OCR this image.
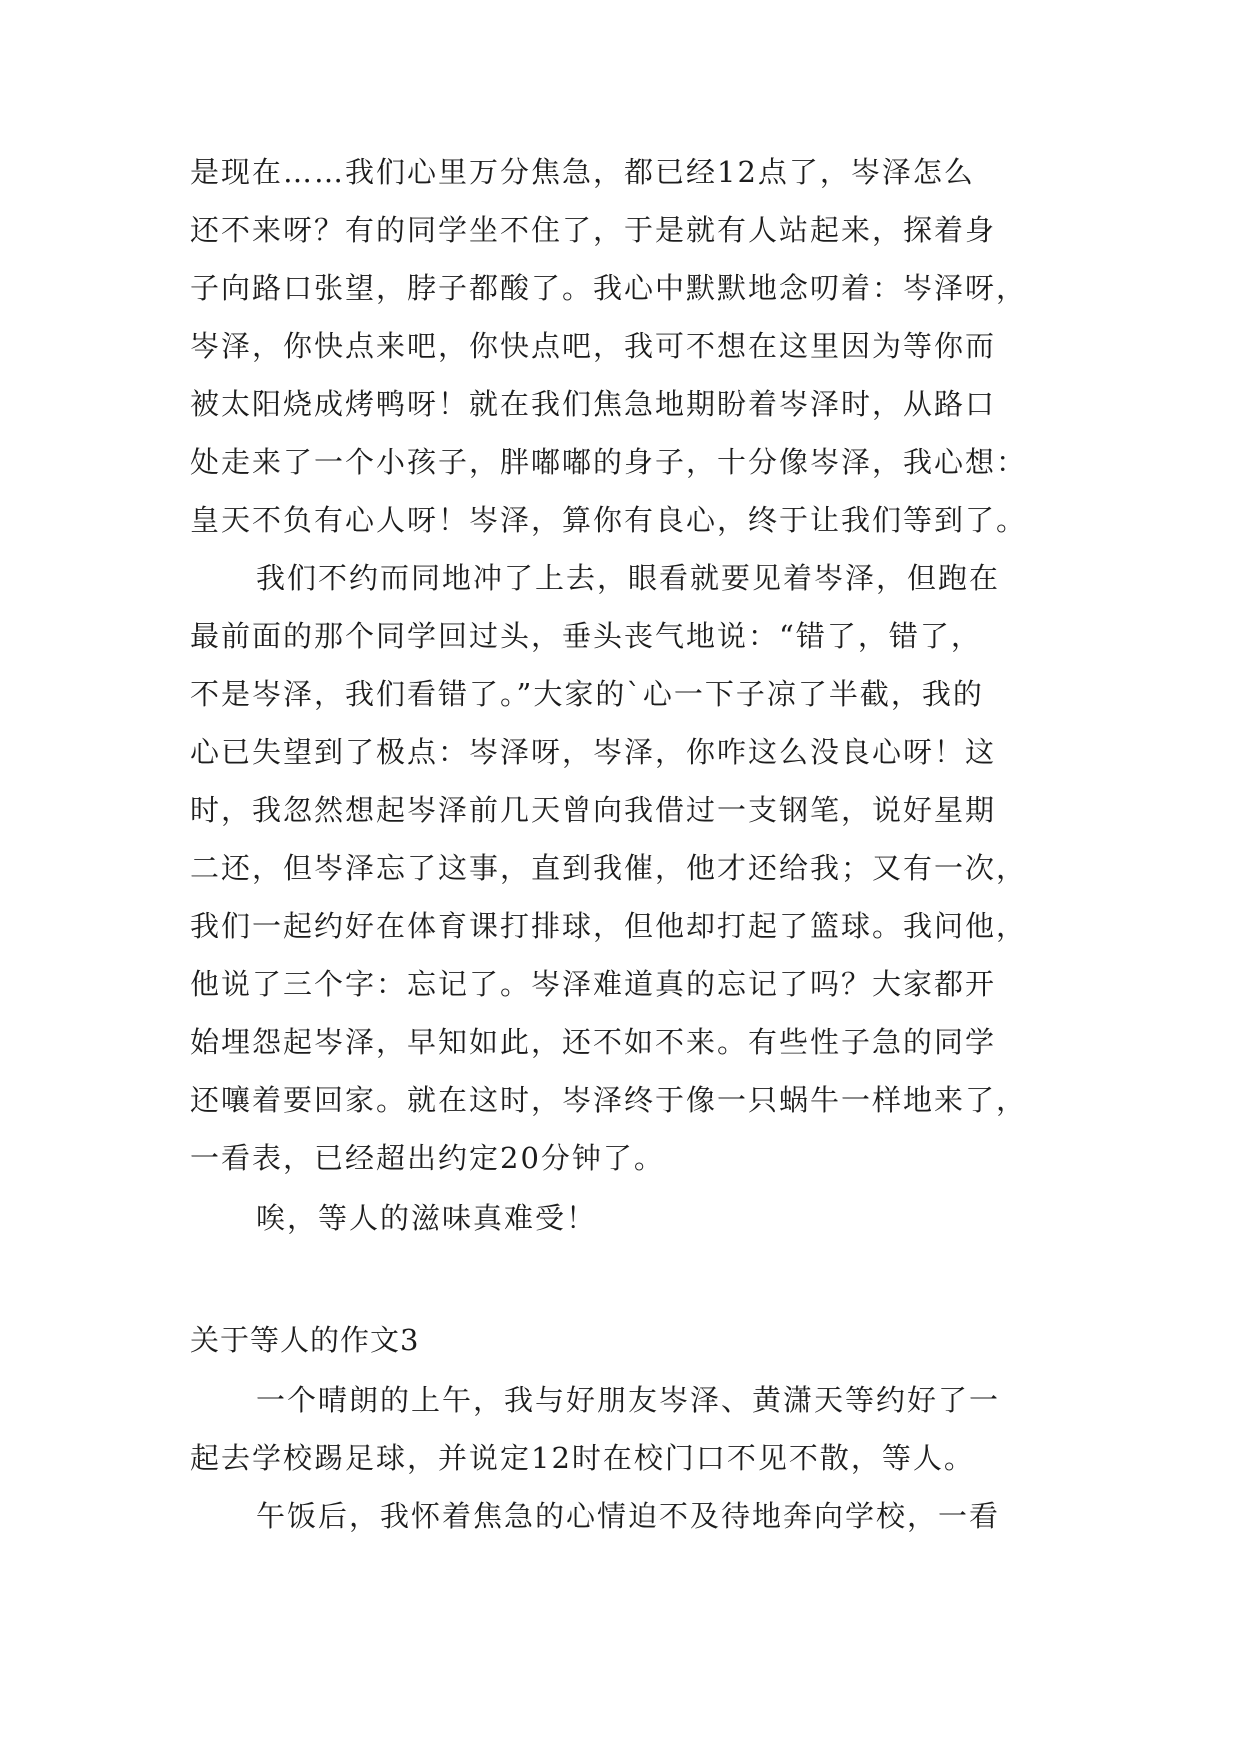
是现在……我们心里万分焦急，都已经12点了，岑泽怎么
还不来呀？有的同学坐不住了，于是就有人站起来，探着身
子向路口张望，脖子都酸了。我心中默默地念叨着：岑泽呀，
岑泽，你快点来吧，你快点吧，我可不想在这里因为等你而
被太阳烧成烤鸭呀！就在我们焦急地期盼着岑泽时，从路口
处走来了一个小孩子，胖嘟嘟的身子，十分像岑泽，我心想：
皇天不负有心人呀！岑泽，算你有良心，终于让我们等到了。
我们不约而同地冲了上去，眼看就要见着岑泽，但跑在
最前面的那个同学回过头，垂头丧气地说：“错了，错了，
不是岑泽，我们看错了。”大家的`心一下子凉了半截，我的
心已失望到了极点：岑泽呀，岑泽，你咋这么没良心呀！这
时，我忽然想起岑泽前几天曾向我借过一支钢笔，说好星期
二还，但岑泽忘了这事，直到我催，他才还给我；又有一次，
我们一起约好在体育课打排球，但他却打起了篮球。我问他，
他说了三个字：忘记了。岑泽难道真的忘记了吗？大家都开
始埋怨起岑泽，早知如此，还不如不来。有些性子急的同学
还嚷着要回家。就在这时，岑泽终于像一只蜗牛一样地来了，
一看表，已经超出约定20分钟了。
唉，等人的滋味真难受！
关于等人的作文3
一个晴朗的上午，我与好朋友岑泽、黄潇天等约好了一
起去学校踢足球，并说定12时在校门口不见不散，等人。
午饭后，我怀着焦急的心情迫不及待地奔向学校，一看
